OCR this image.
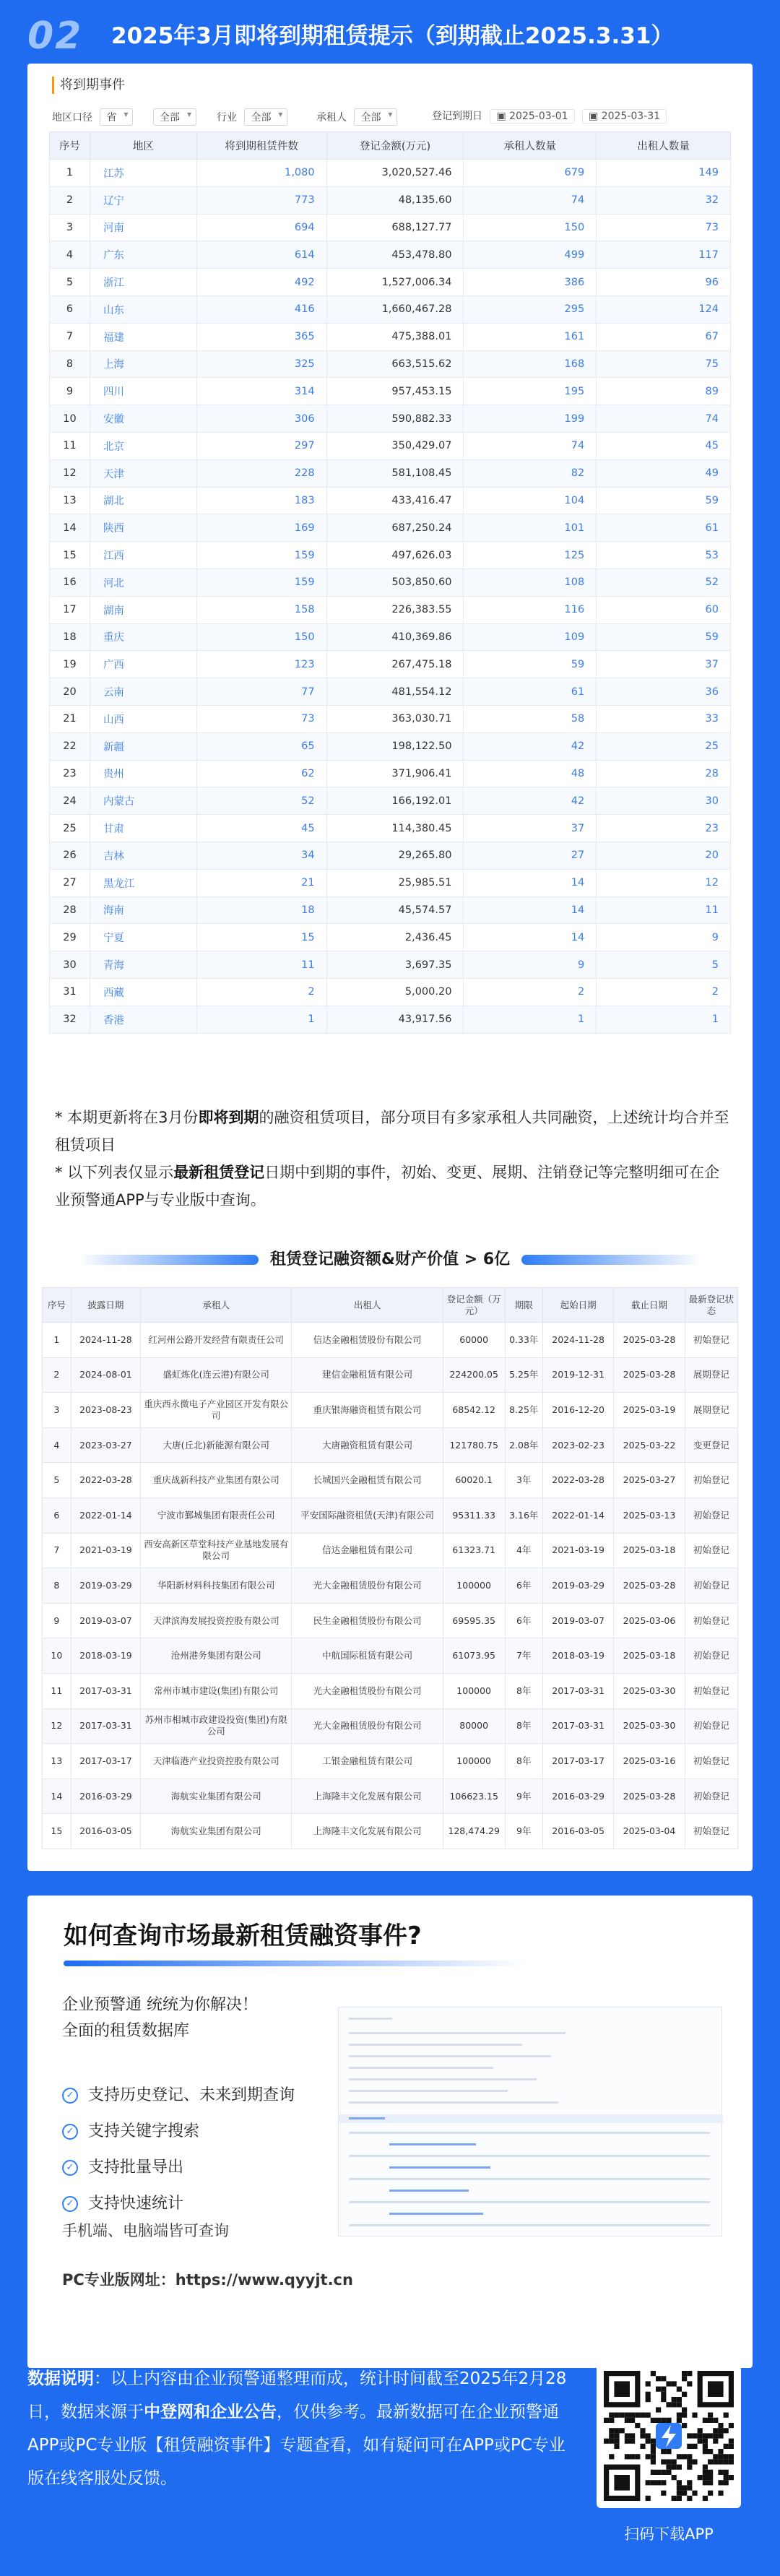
02	2025年3月即将到期租赁提示（到期截止2025.3.31）
将到期事件
地区口径 省 ▾	全部 ▾	行业 全部 ▾	承租人 全部 ▾	登记到期日 ▣ 2025-03-01 ▣ 2025-03-31
序号	地区	将到期租赁件数	登记金额(万元)	承租人数量	出租人数量
1	江苏	1,080	3,020,527.46	679	149
2	辽宁	773	48,135.60	74	32
3	河南	694	688,127.77	150	73
4	广东	614	453,478.80	499	117
5	浙江	492	1,527,006.34	386	96
6	山东	416	1,660,467.28	295	124
7	福建	365	475,388.01	161	67
8	上海	325	663,515.62	168	75
9	四川	314	957,453.15	195	89
10	安徽	306	590,882.33	199	74
11	北京	297	350,429.07	74	45
12	天津	228	581,108.45	82	49
13	湖北	183	433,416.47	104	59
14	陕西	169	687,250.24	101	61
15	江西	159	497,626.03	125	53
16	河北	159	503,850.60	108	52
17	湖南	158	226,383.55	116	60
18	重庆	150	410,369.86	109	59
19	广西	123	267,475.18	59	37
20	云南	77	481,554.12	61	36
21	山西	73	363,030.71	58	33
22	新疆	65	198,122.50	42	25
23	贵州	62	371,906.41	48	28
24	内蒙古	52	166,192.01	42	30
25	甘肃	45	114,380.45	37	23
26	吉林	34	29,265.80	27	20
27	黑龙江	21	25,985.51	14	12
28	海南	18	45,574.57	14	11
29	宁夏	15	2,436.45	14	9
30	青海	11	3,697.35	9	5
31	西藏	2	5,000.20	2	2
32	香港	1	43,917.56	1	1

* 本期更新将在3月份即将到期的融资租赁项目，部分项目有多家承租人共同融资，上述统计均合并至租赁项目

* 以下列表仅显示最新租赁登记日期中到期的事件，初始、变更、展期、注销登记等完整明细可在企业预警通APP与专业版中查询。

租赁登记融资额&财产价值 > 6亿
序号	披露日期	承租人	出租人	登记金额（万元）	期限	起始日期	截止日期	最新登记状态
1	2024-11-28	红河州公路开发经营有限责任公司	信达金融租赁股份有限公司	60000	0.33年	2024-11-28	2025-03-28	初始登记
2	2024-08-01	盛虹炼化(连云港)有限公司	建信金融租赁有限公司	224200.05	5.25年	2019-12-31	2025-03-28	展期登记
3	2023-08-23	重庆西永微电子产业园区开发有限公司	重庆银海融资租赁有限公司	68542.12	8.25年	2016-12-20	2025-03-19	展期登记
4	2023-03-27	大唐(丘北)新能源有限公司	大唐融资租赁有限公司	121780.75	2.08年	2023-02-23	2025-03-22	变更登记
5	2022-03-28	重庆战新科技产业集团有限公司	长城国兴金融租赁有限公司	60020.1	3年	2022-03-28	2025-03-27	初始登记
6	2022-01-14	宁波市鄞城集团有限责任公司	平安国际融资租赁(天津)有限公司	95311.33	3.16年	2022-01-14	2025-03-13	初始登记
7	2021-03-19	西安高新区草堂科技产业基地发展有限公司	信达金融租赁有限公司	61323.71	4年	2021-03-19	2025-03-18	初始登记
8	2019-03-29	华阳新材料科技集团有限公司	光大金融租赁股份有限公司	100000	6年	2019-03-29	2025-03-28	初始登记
9	2019-03-07	天津滨海发展投资控股有限公司	民生金融租赁股份有限公司	69595.35	6年	2019-03-07	2025-03-06	初始登记
10	2018-03-19	沧州港务集团有限公司	中航国际租赁有限公司	61073.95	7年	2018-03-19	2025-03-18	初始登记
11	2017-03-31	常州市城市建设(集团)有限公司	光大金融租赁股份有限公司	100000	8年	2017-03-31	2025-03-30	初始登记
12	2017-03-31	苏州市相城市政建设投资(集团)有限公司	光大金融租赁股份有限公司	80000	8年	2017-03-31	2025-03-30	初始登记
13	2017-03-17	天津临港产业投资控股有限公司	工银金融租赁有限公司	100000	8年	2017-03-17	2025-03-16	初始登记
14	2016-03-29	海航实业集团有限公司	上海隆丰文化发展有限公司	106623.15	9年	2016-03-29	2025-03-28	初始登记
15	2016-03-05	海航实业集团有限公司	上海隆丰文化发展有限公司	128,474.29	9年	2016-03-05	2025-03-04	初始登记
如何查询市场最新租赁融资事件?
企业预警通 统统为你解决！
全面的租赁数据库
✓ 支持历史登记、未来到期查询
✓ 支持关键字搜索
✓ 支持批量导出
✓ 支持快速统计
手机端、电脑端皆可查询
PC专业版网址：https://www.qyyjt.cn
数据说明：以上内容由企业预警通整理而成，统计时间截至2025年2月28日，数据来源于中登网和企业公告，仅供参考。最新数据可在企业预警通APP或PC专业版【租赁融资事件】专题查看，如有疑问可在APP或PC专业版在线客服处反馈。
扫码下载APP
